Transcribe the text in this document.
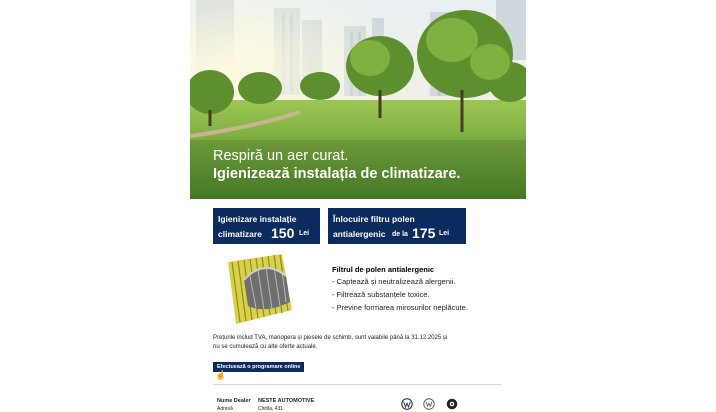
Respiră un aer curat.
Igienizează instalația de climatizare.
Igienizare instalație
climatizare 150 Lei
Înlocuire filtru polen
antialergenic de la 175 Lei
Filtrul de polen antialergenic
- Captează și neutralizează alergenii.
- Filtrează substanțele toxice.
- Previne formarea mirosurilor neplăcute.
Prețurile includ TVA, manopera și piesele de schimb, sunt valabile până la 31.12.2025 și
nu se cumulează cu alte oferte actuale.
Efectuează o programare online
☝
Nume Dealer NESTE AUTOMOTIVE
Adresă	Chitila, 431
